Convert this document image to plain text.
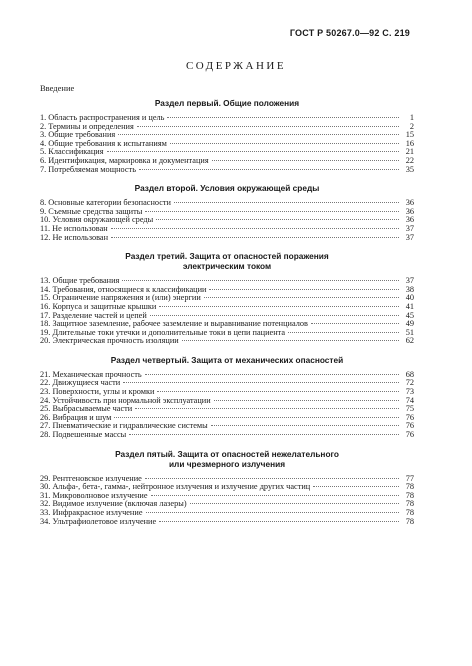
ГОСТ Р 50267.0—92 С. 219
СОДЕРЖАНИЕ
Введение
Раздел первый. Общие положения
1. Область распространения и цель	1
2. Термины и определения	2
3. Общие требования	15
4. Общие требования к испытаниям	16
5. Классификация	21
6. Идентификация, маркировка и документация	22
7. Потребляемая мощность	35
Раздел второй. Условия окружающей среды
8. Основные категории безопасности	36
9. Съемные средства защиты	36
10. Условия окружающей среды	36
11. Не использован	37
12. Не использован	37
Раздел третий. Защита от опасностей поражения
электрическим током
13. Общие требования	37
14. Требования, относящиеся к классификации	38
15. Ограничение напряжения и (или) энергии	40
16. Корпуса и защитные крышки	41
17. Разделение частей и цепей	45
18. Защитное заземление, рабочее заземление и выравнивание потенциалов	49
19. Длительные токи утечки и дополнительные токи в цепи пациента	51
20. Электрическая прочность изоляции	62
Раздел четвертый. Защита от механических опасностей
21. Механическая прочность	68
22. Движущиеся части	72
23. Поверхности, углы и кромки	73
24. Устойчивость при нормальной эксплуатации	74
25. Выбрасываемые части	75
26. Вибрация и шум	76
27. Пневматические и гидравлические системы	76
28. Подвешенные массы	76
Раздел пятый. Защита от опасностей нежелательного
или чрезмерного излучения
29. Рентгеновское излучение	77
30. Альфа-, бета-, гамма-, нейтронное излучения и излучение других частиц	78
31. Микроволновое излучение	78
32. Видимое излучение (включая лазеры)	78
33. Инфракрасное излучение	78
34. Ультрафиолетовое излучение	78
